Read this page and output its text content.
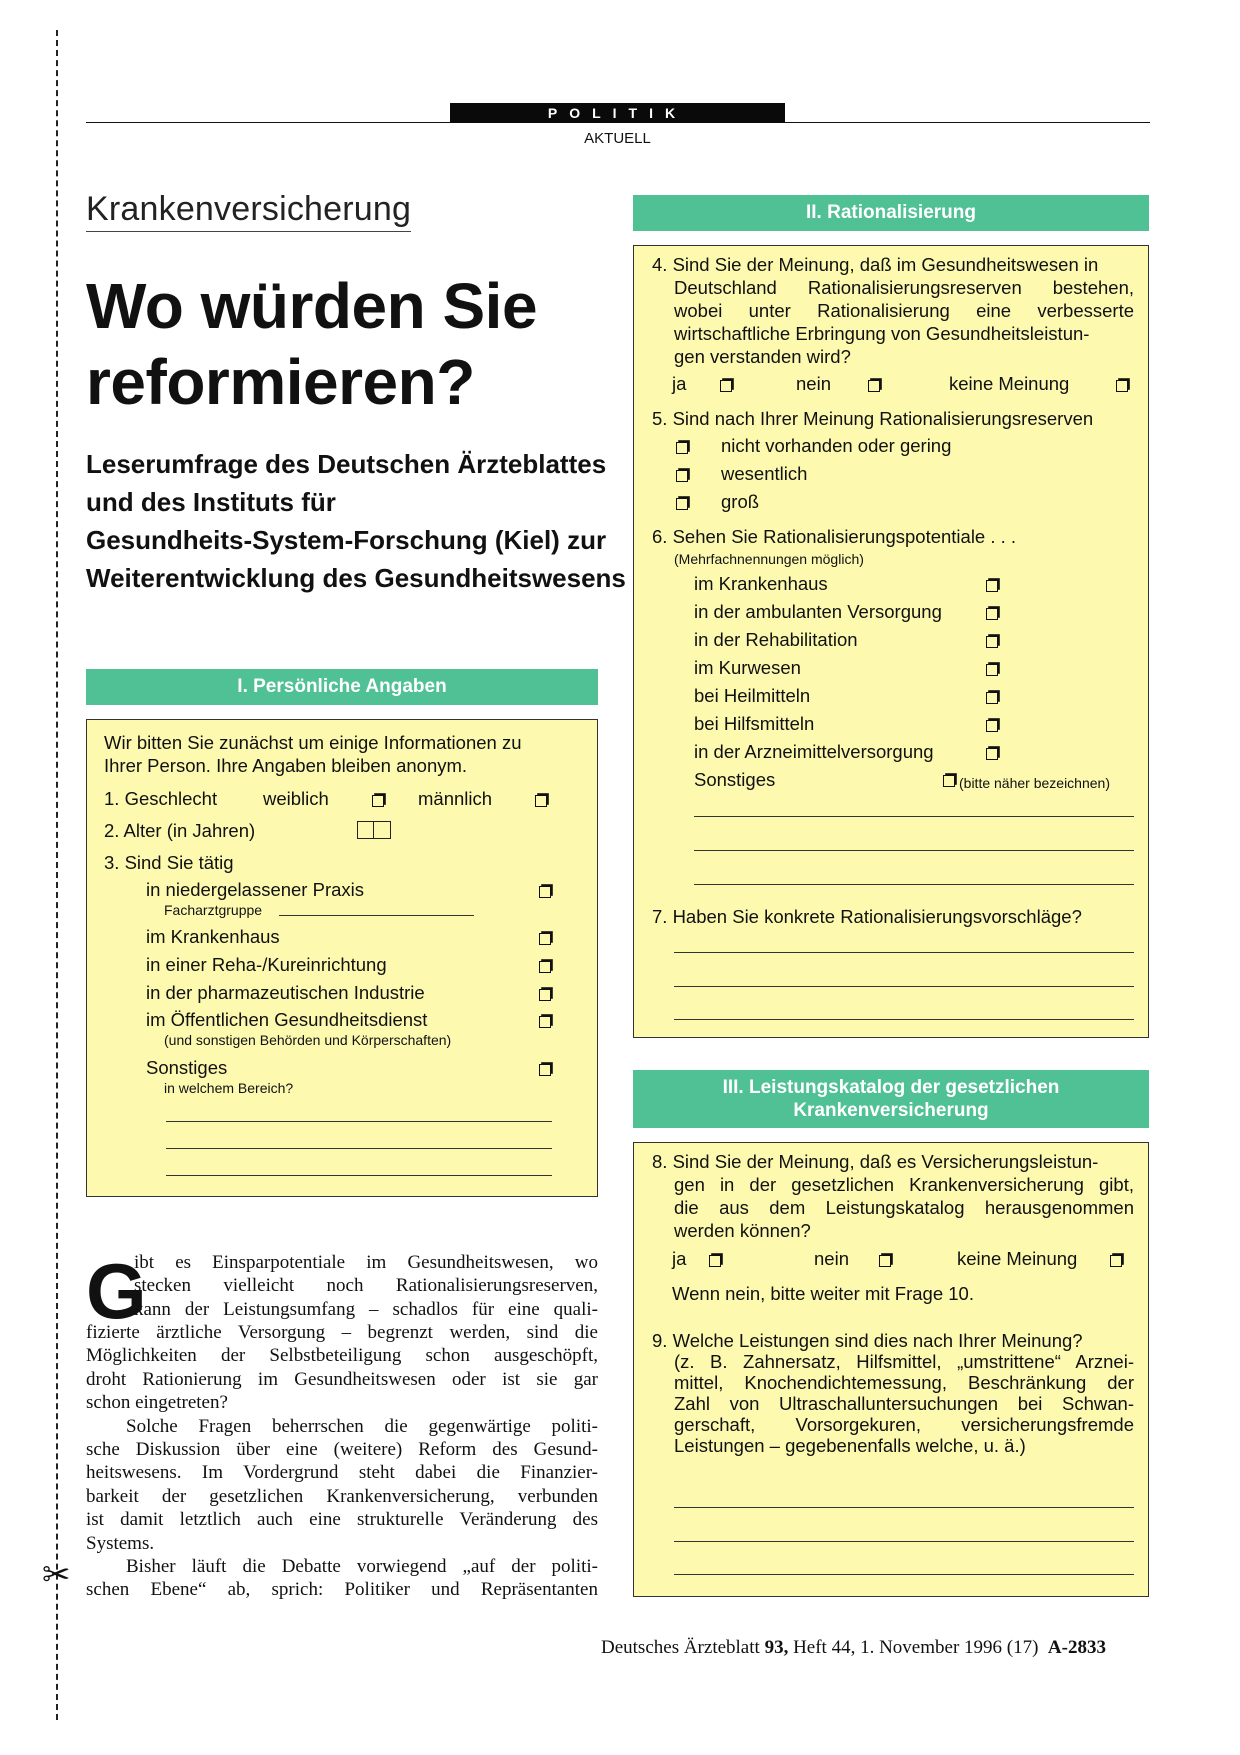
✂
POLITIK
AKTUELL
Krankenversicherung
Wo würden Sie
reformieren?
Leserumfrage des Deutschen Ärzteblattes
und des Instituts für
Gesundheits-System-Forschung (Kiel) zur
Weiterentwicklung des Gesundheitswesens
I. Persönliche Angaben
Wir bitten Sie zunächst um einige Informationen zu
Ihrer Person. Ihre Angaben bleiben anonym.
1. Geschlecht weiblich	männlich
2. Alter (in Jahren)
3. Sind Sie tätig
in niedergelassener Praxis
Facharztgruppe
im Krankenhaus
in einer Reha-/Kureinrichtung
in der pharmazeutischen Industrie
im Öffentlichen Gesundheitsdienst
(und sonstigen Behörden und Körperschaften)
Sonstiges
in welchem Bereich?
G
ibt es Einsparpotentiale im Gesundheitswesen, wo
stecken vielleicht noch Rationalisierungsreserven,
kann der Leistungsumfang – schadlos für eine quali-
fizierte ärztliche Versorgung – begrenzt werden, sind die
Möglichkeiten der Selbstbeteiligung schon ausgeschöpft,
droht Rationierung im Gesundheitswesen oder ist sie gar
schon eingetreten?
Solche Fragen beherrschen die gegenwärtige politi-
sche Diskussion über eine (weitere) Reform des Gesund-
heitswesens. Im Vordergrund steht dabei die Finanzier-
barkeit der gesetzlichen Krankenversicherung, verbunden
ist damit letztlich auch eine strukturelle Veränderung des
Systems.
Bisher läuft die Debatte vorwiegend „auf der politi-
schen Ebene“ ab, sprich: Politiker und Repräsentanten
II. Rationalisierung
4. Sind Sie der Meinung, daß im Gesundheitswesen in
Deutschland Rationalisierungsreserven bestehen,
wobei unter Rationalisierung eine verbesserte
wirtschaftliche Erbringung von Gesundheitsleistun-
gen verstanden wird?
ja	nein	keine Meinung
5. Sind nach Ihrer Meinung Rationalisierungsreserven
nicht vorhanden oder gering
wesentlich
groß
6. Sehen Sie Rationalisierungspotentiale . . .
(Mehrfachnennungen möglich)
im Krankenhaus
in der ambulanten Versorgung
in der Rehabilitation
im Kurwesen
bei Heilmitteln
bei Hilfsmitteln
in der Arzneimittelversorgung
Sonstiges	(bitte näher bezeichnen)
7. Haben Sie konkrete Rationalisierungsvorschläge?
III. Leistungskatalog der gesetzlichen
Krankenversicherung
8. Sind Sie der Meinung, daß es Versicherungsleistun-
gen in der gesetzlichen Krankenversicherung gibt,
die aus dem Leistungskatalog herausgenommen
werden können?
ja	nein	keine Meinung
Wenn nein, bitte weiter mit Frage 10.
9. Welche Leistungen sind dies nach Ihrer Meinung?
(z. B. Zahnersatz, Hilfsmittel, „umstrittene“ Arznei-
mittel, Knochendichtemessung, Beschränkung der
Zahl von Ultraschalluntersuchungen bei Schwan-
gerschaft, Vorsorgekuren, versicherungsfremde
Leistungen – gegebenenfalls welche, u. ä.)
Deutsches Ärzteblatt 93, Heft 44, 1. November 1996 (17) A-2833
